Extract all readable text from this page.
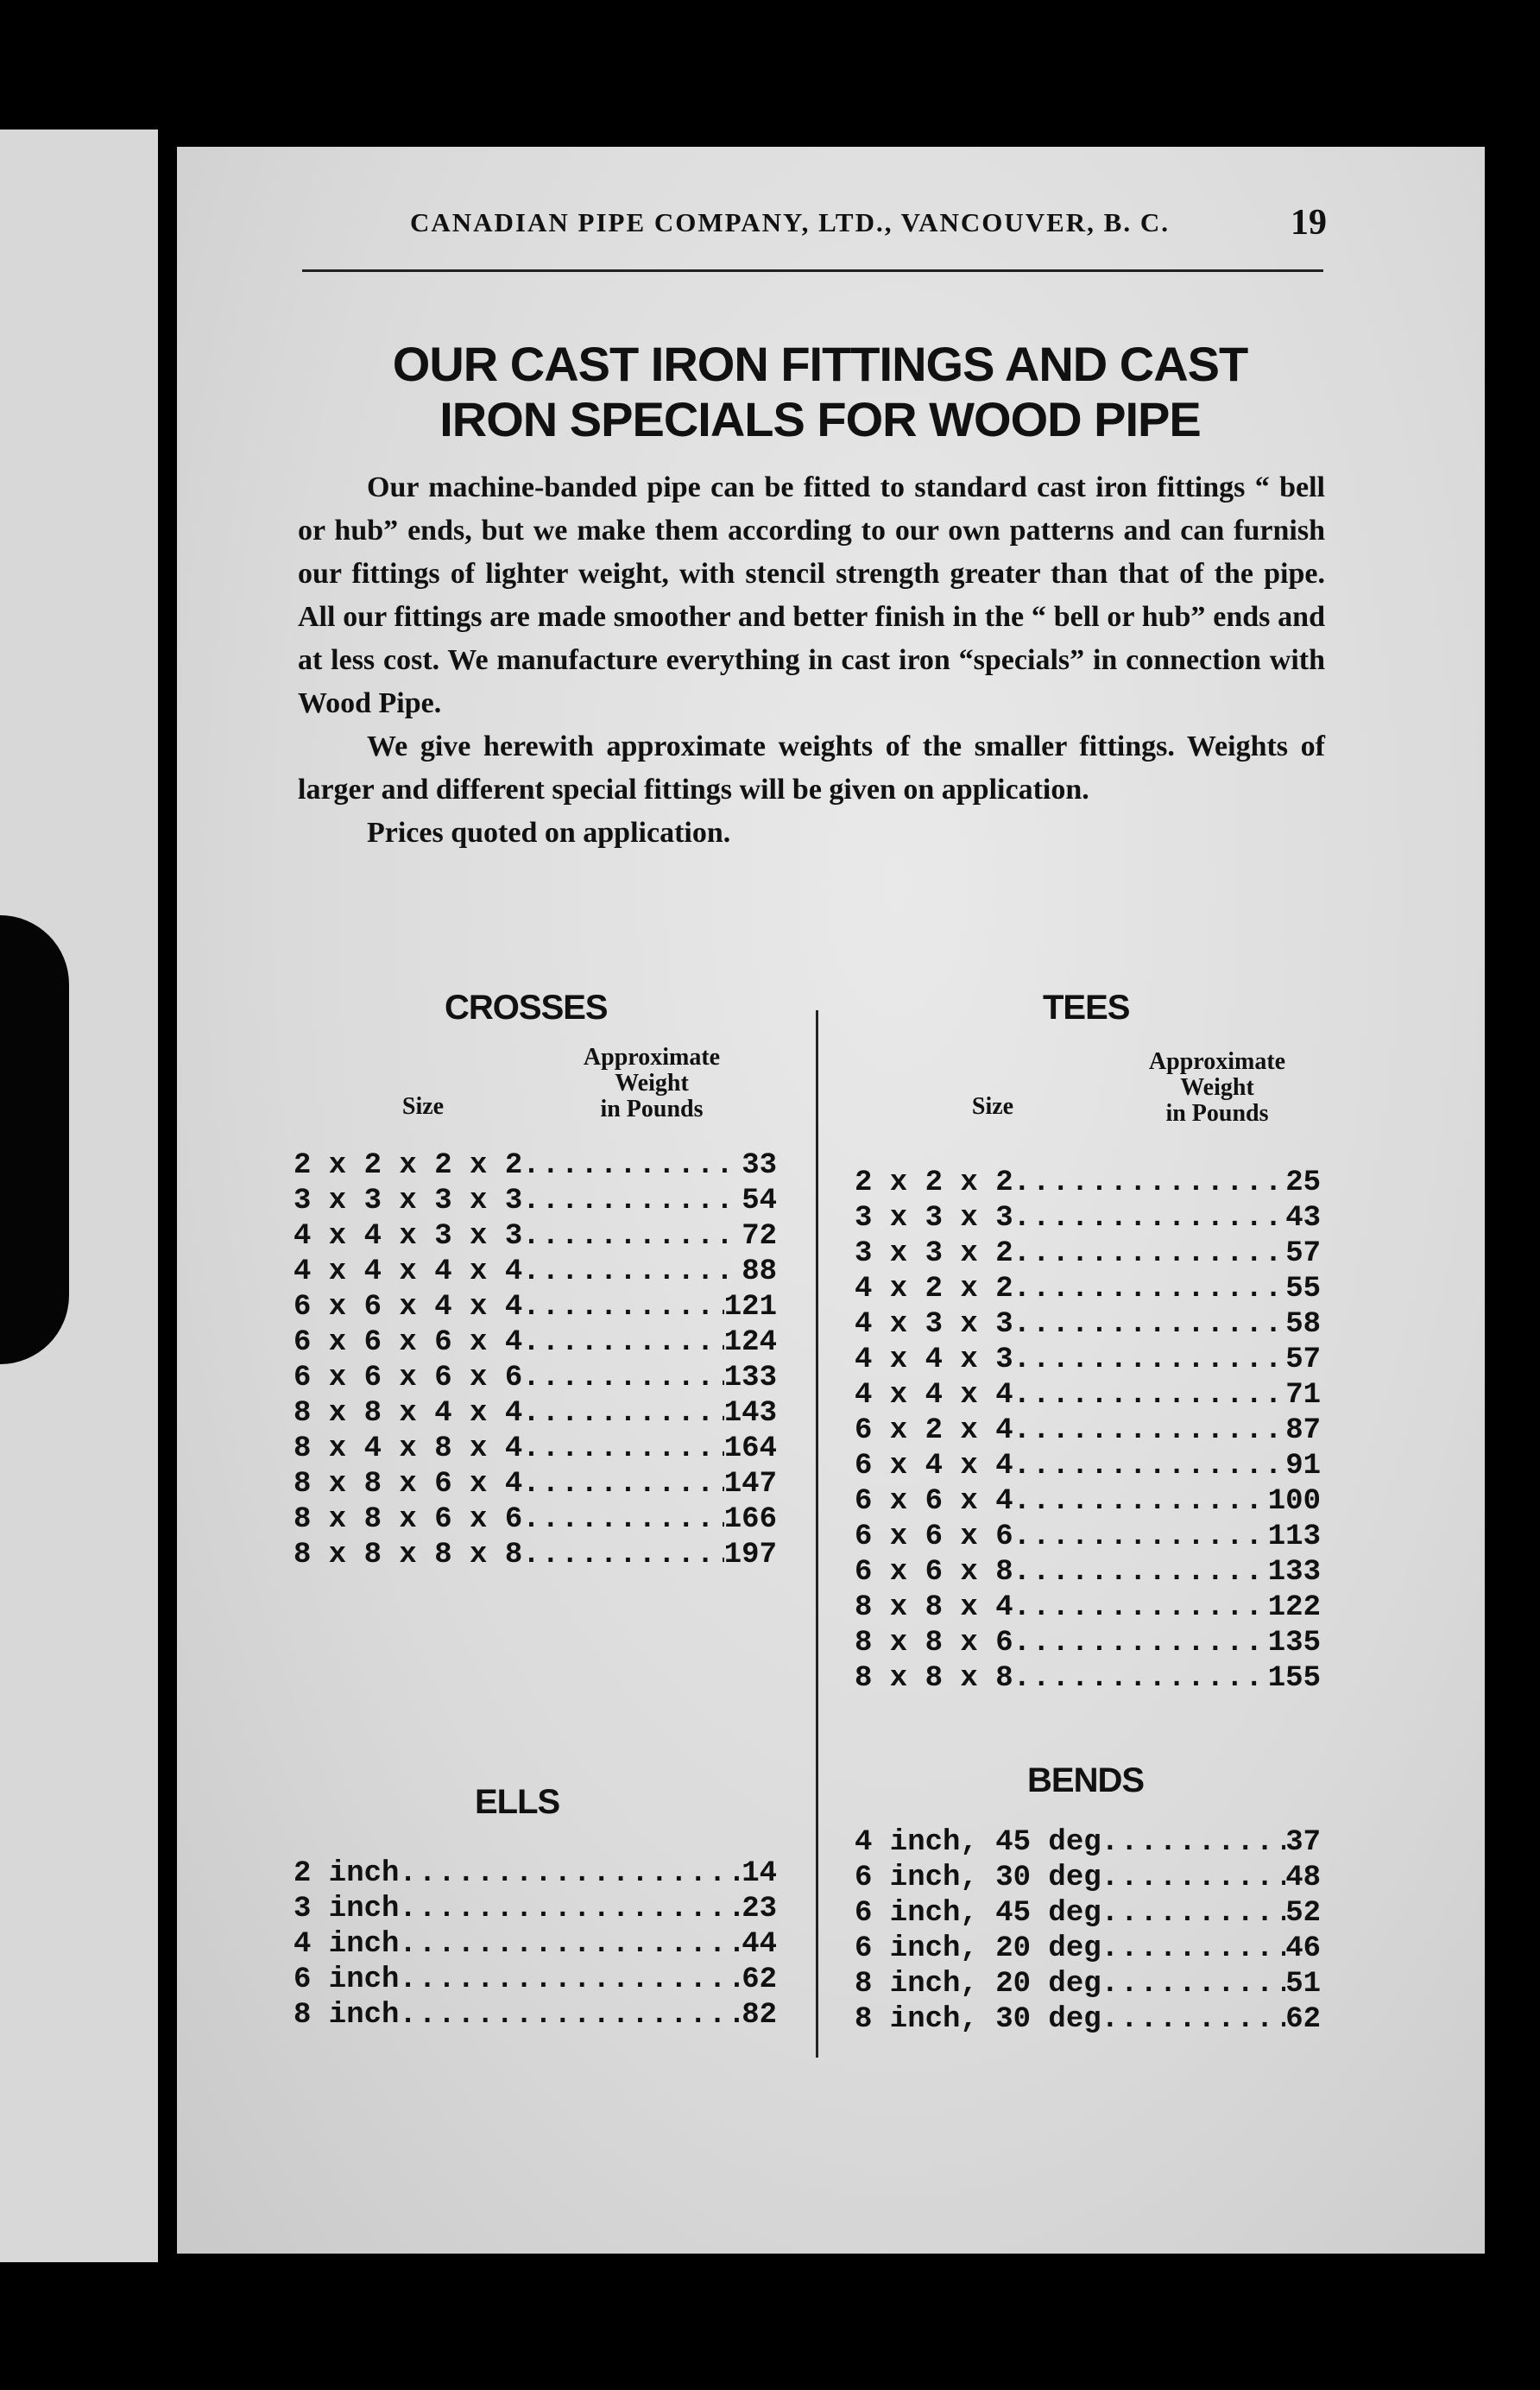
CANADIAN PIPE COMPANY, LTD., VANCOUVER, B. C.	19
OUR CAST IRON FITTINGS AND CAST
IRON SPECIALS FOR WOOD PIPE

Our machine-banded pipe can be fitted to standard cast iron fittings “ bell or hub” ends, but we make them according to our own patterns and can furnish our fittings of lighter weight, with stencil strength greater than that of the pipe. All our fittings are made smoother and better finish in the “ bell or hub” ends and at less cost. We manufacture everything in cast iron “specials” in connection with Wood Pipe.

We give herewith approximate weights of the smaller fittings. Weights of larger and different special fittings will be given on application.

Prices quoted on application.

CROSSES
Size
Approximate
Weight
in Pounds
2 x 2 x 2 x 2 .....	33
3 x 3 x 3 x 3 .....	54
4 x 4 x 3 x 3 .....	72
4 x 4 x 4 x 4 .....	88
6 x 6 x 4 x 4 .....	121
6 x 6 x 6 x 4 .....	124
6 x 6 x 6 x 6 .....	133
8 x 8 x 4 x 4 .....	143
8 x 4 x 8 x 4 .....	164
8 x 8 x 6 x 4 .....	147
8 x 8 x 6 x 6 .....	166
8 x 8 x 8 x 8 .....	197
TEES
Size
Approximate
Weight
in Pounds
2 x 2 x 2 .....	25
3 x 3 x 3 .....	43
3 x 3 x 2 .....	57
4 x 2 x 2 .....	55
4 x 3 x 3 .....	58
4 x 4 x 3 .....	57
4 x 4 x 4 .....	71
6 x 2 x 4 .....	87
6 x 4 x 4 .....	91
6 x 6 x 4 .....	100
6 x 6 x 6 .....	113
6 x 6 x 8 .....	133
8 x 8 x 4 .....	122
8 x 8 x 6 .....	135
8 x 8 x 8 .....	155
ELLS
2 inch .....	14
3 inch .....	23
4 inch .....	44
6 inch .....	62
8 inch .....	82
BENDS
4 inch, 45 deg .....	37
6 inch, 30 deg .....	48
6 inch, 45 deg .....	52
6 inch, 20 deg .....	46
8 inch, 20 deg .....	51
8 inch, 30 deg .....	62
